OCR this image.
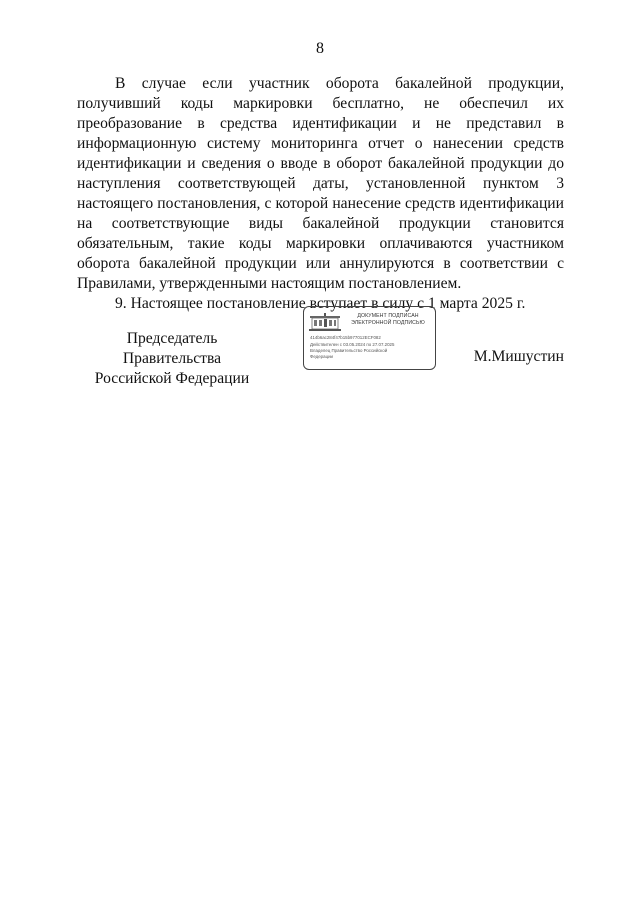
8

В случае если участник оборота бакалейной продукции, получивший коды маркировки бесплатно, не обеспечил их преобразование в средства идентификации и не представил в информационную систему мониторинга отчет о нанесении средств идентификации и сведения о вводе в оборот бакалейной продукции до наступления соответствующей даты, установленной пунктом 3 настоящего постановления, с которой нанесение средств идентификации на соответствующие виды бакалейной продукции становится обязательным, такие коды маркировки оплачиваются участником оборота бакалейной продукции или аннулируются в соответствии с Правилами, утвержденными настоящим постановлением.

9. Настоящее постановление вступает в силу с 1 марта 2025 г.

Председатель Правительства
Российской Федерации
ДОКУМЕНТ ПОДПИСАН ЭЛЕКТРОННОЙ ПОДПИСЬЮ
414b6ac284f47b15b977012ECF082
Действителен с 03.05.2024 по 27.07.2025
Владелец Правительство Российской
Федерации	М.Мишустин
